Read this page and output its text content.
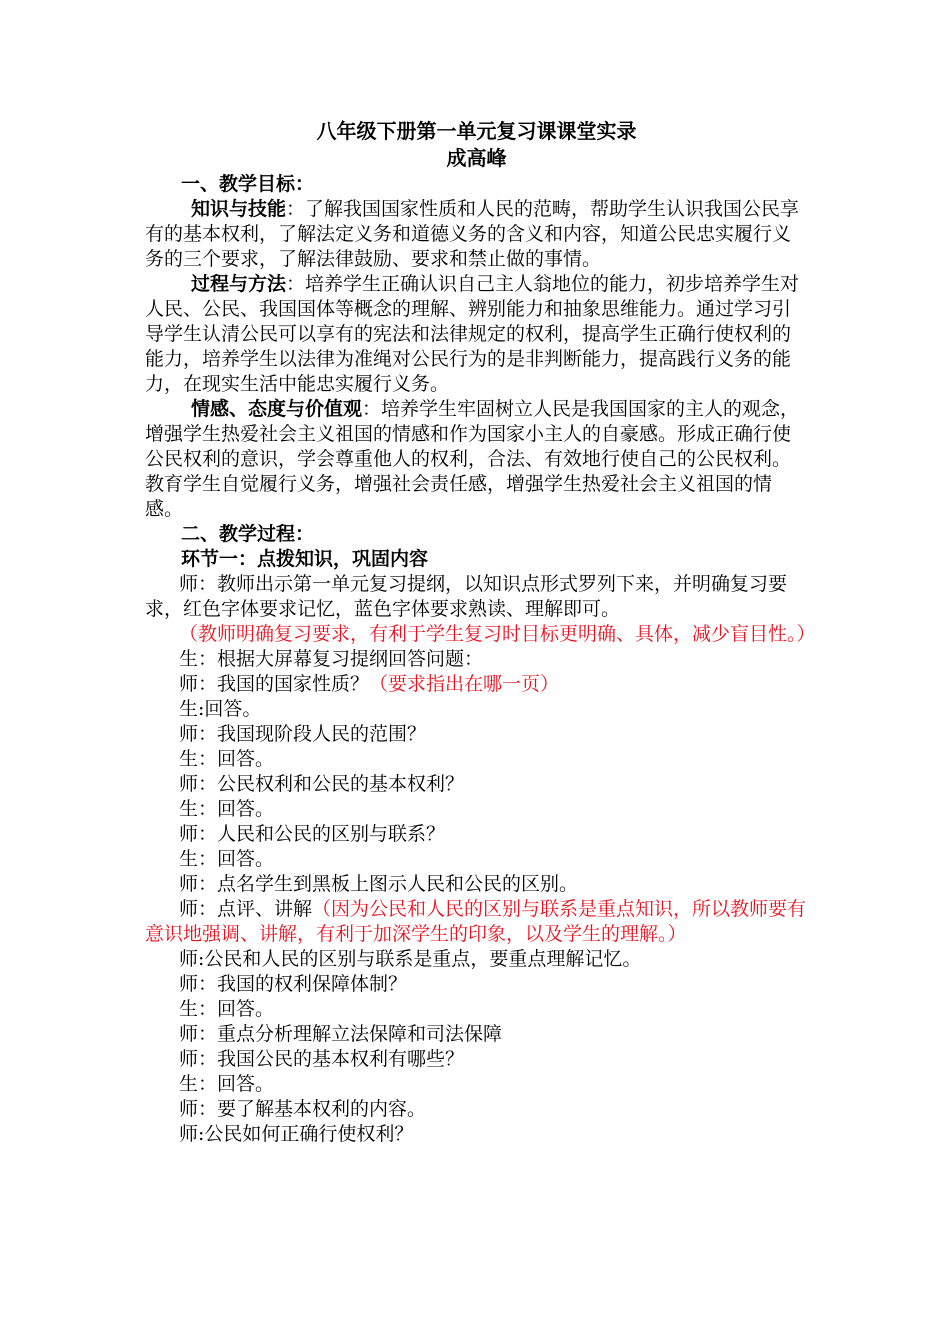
八年级下册第一单元复习课课堂实录

成高峰

一、教学目标：

知识与技能：了解我国国家性质和人民的范畴，帮助学生认识我国公民享有的基本权利，了解法定义务和道德义务的含义和内容，知道公民忠实履行义务的三个要求，了解法律鼓励、要求和禁止做的事情。

过程与方法：培养学生正确认识自己主人翁地位的能力，初步培养学生对人民、公民、我国国体等概念的理解、辨别能力和抽象思维能力。通过学习引导学生认清公民可以享有的宪法和法律规定的权利，提高学生正确行使权利的能力，培养学生以法律为准绳对公民行为的是非判断能力，提高践行义务的能力，在现实生活中能忠实履行义务。

情感、态度与价值观：培养学生牢固树立人民是我国国家的主人的观念，增强学生热爱社会主义祖国的情感和作为国家小主人的自豪感。形成正确行使公民权利的意识，学会尊重他人的权利，合法、有效地行使自己的公民权利。教育学生自觉履行义务，增强社会责任感，增强学生热爱社会主义祖国的情感。

二、教学过程：

环节一：点拨知识，巩固内容

师：教师出示第一单元复习提纲，以知识点形式罗列下来，并明确复习要求，红色字体要求记忆，蓝色字体要求熟读、理解即可。

（教师明确复习要求，有利于学生复习时目标更明确、具体，减少盲目性。）

生：根据大屏幕复习提纲回答问题：

师：我国的国家性质？（要求指出在哪一页）

生:回答。

师：我国现阶段人民的范围？

生：回答。

师：公民权利和公民的基本权利？

生：回答。

师：人民和公民的区别与联系？

生：回答。

师：点名学生到黑板上图示人民和公民的区别。

师：点评、讲解（因为公民和人民的区别与联系是重点知识，所以教师要有意识地强调、讲解，有利于加深学生的印象，以及学生的理解。）

师:公民和人民的区别与联系是重点，要重点理解记忆。

师：我国的权利保障体制？

生：回答。

师：重点分析理解立法保障和司法保障

师：我国公民的基本权利有哪些？

生：回答。

师：要了解基本权利的内容。

师:公民如何正确行使权利？
